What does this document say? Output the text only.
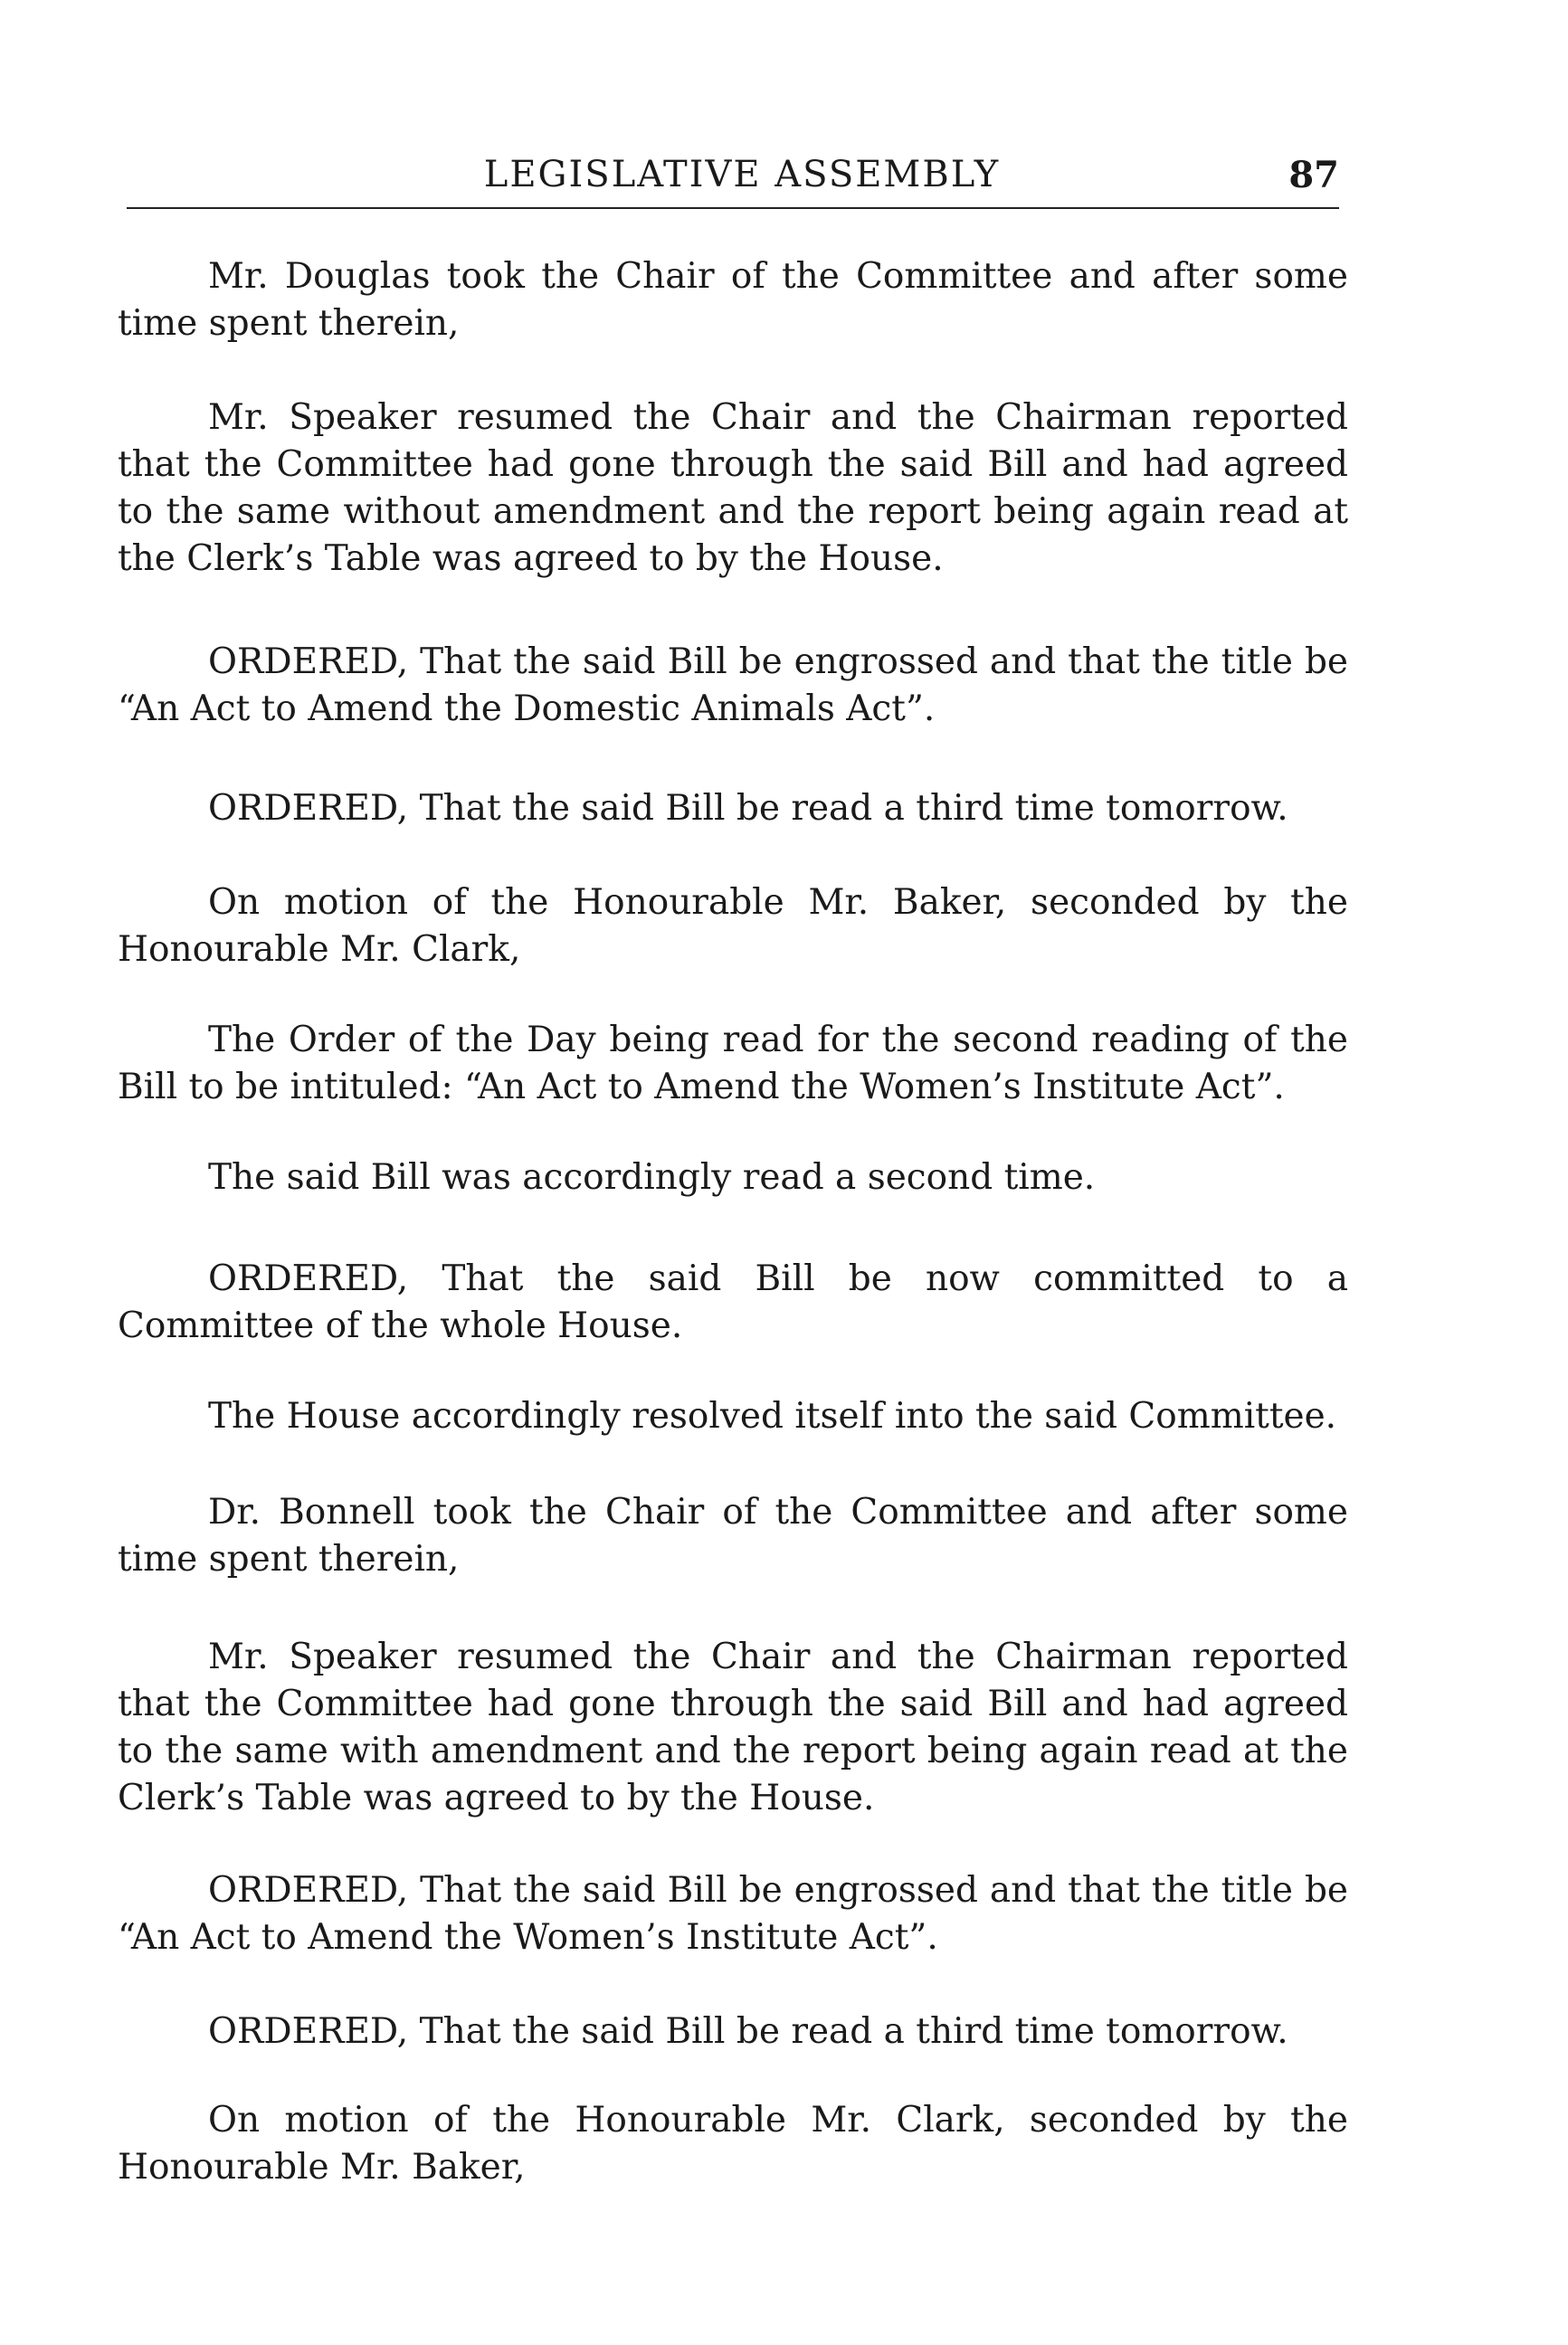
LEGISLATIVE ASSEMBLY	87

Mr. Douglas took the Chair of the Committee and after some time spent therein,

Mr. Speaker resumed the Chair and the Chairman reported that the Committee had gone through the said Bill and had agreed to the same without amendment and the report being again read at the Clerk’s Table was agreed to by the House.

ORDERED, That the said Bill be engrossed and that the title be “An Act to Amend the Domestic Animals Act”.

ORDERED, That the said Bill be read a third time tomorrow.

On motion of the Honourable Mr. Baker, seconded by the Honourable Mr. Clark,

The Order of the Day being read for the second reading of the Bill to be intituled: “An Act to Amend the Women’s Institute Act”.

The said Bill was accordingly read a second time.

ORDERED, That the said Bill be now committed to a Committee of the whole House.

The House accordingly resolved itself into the said Committee.

Dr. Bonnell took the Chair of the Committee and after some time spent therein,

Mr. Speaker resumed the Chair and the Chairman reported that the Committee had gone through the said Bill and had agreed to the same with amendment and the report being again read at the Clerk’s Table was agreed to by the House.

ORDERED, That the said Bill be engrossed and that the title be “An Act to Amend the Women’s Institute Act”.

ORDERED, That the said Bill be read a third time tomorrow.

On motion of the Honourable Mr. Clark, seconded by the Honourable Mr. Baker,
